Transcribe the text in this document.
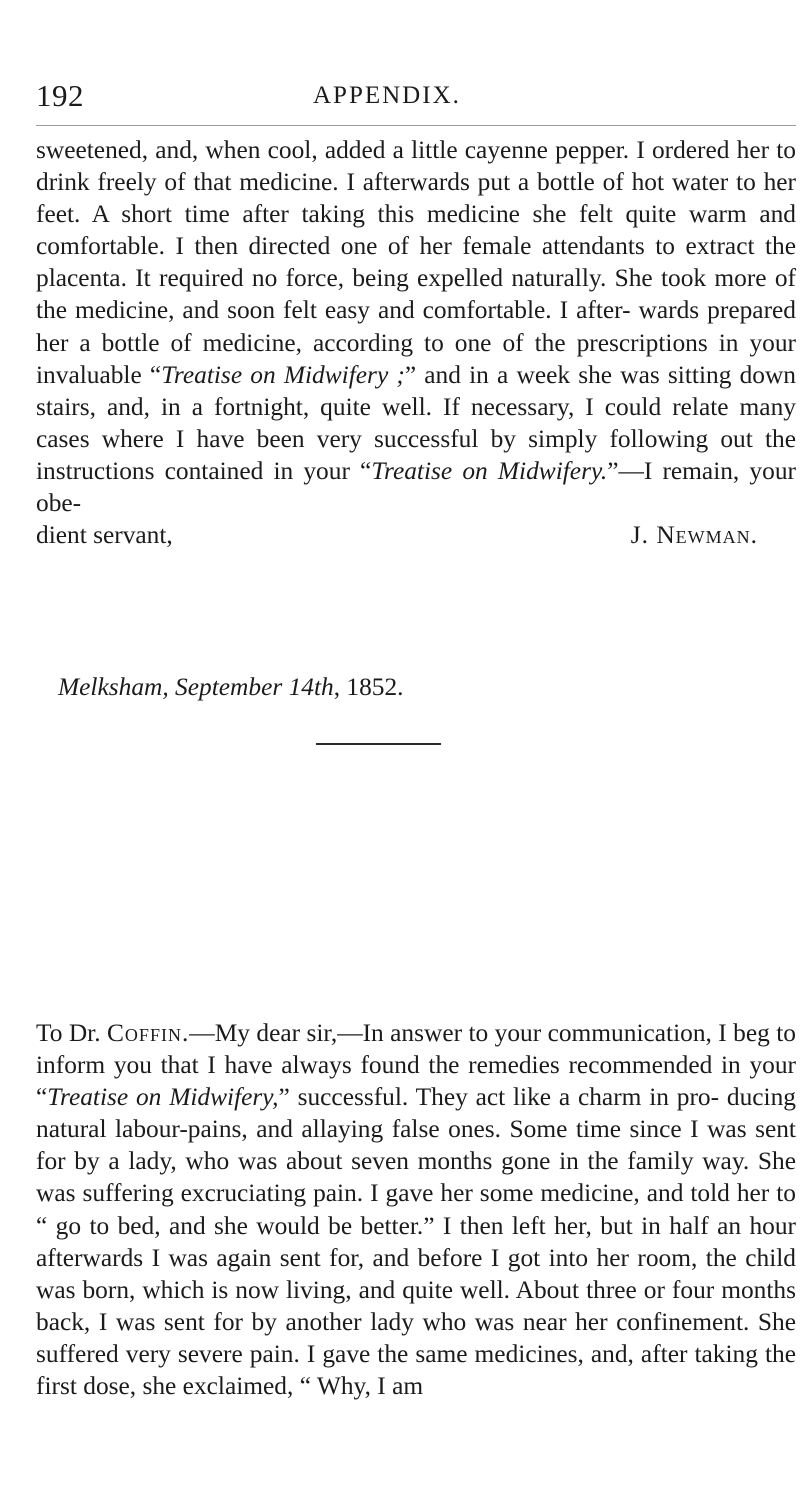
192	APPENDIX.
sweetened, and, when cool, added a little cayenne pepper. I ordered her to drink freely of that medicine. I afterwards put a bottle of hot water to her feet. A short time after taking this medicine she felt quite warm and comfortable. I then directed one of her female attendants to extract the placenta. It required no force, being expelled naturally. She took more of the medicine, and soon felt easy and comfortable. I after- wards prepared her a bottle of medicine, according to one of the prescriptions in your invaluable “Treatise on Midwifery ;” and in a week she was sitting down stairs, and, in a fortnight, quite well. If necessary, I could relate many cases where I have been very successful by simply following out the instructions contained in your “Treatise on Midwifery.”—I remain, your obe-
dient servant,	J. Newman.
Melksham, September 14th, 1852.
To Dr. Coffin.—My dear sir,—In answer to your communication, I beg to inform you that I have always found the remedies recommended in your “Treatise on Midwifery,” successful. They act like a charm in pro- ducing natural labour-pains, and allaying false ones. Some time since I was sent for by a lady, who was about seven months gone in the family way. She was suffering excruciating pain. I gave her some medicine, and told her to “ go to bed, and she would be better.” I then left her, but in half an hour afterwards I was again sent for, and before I got into her room, the child was born, which is now living, and quite well. About three or four months back, I was sent for by another lady who was near her confinement. She suffered very severe pain. I gave the same medicines, and, after taking the first dose, she exclaimed, “ Why, I am
